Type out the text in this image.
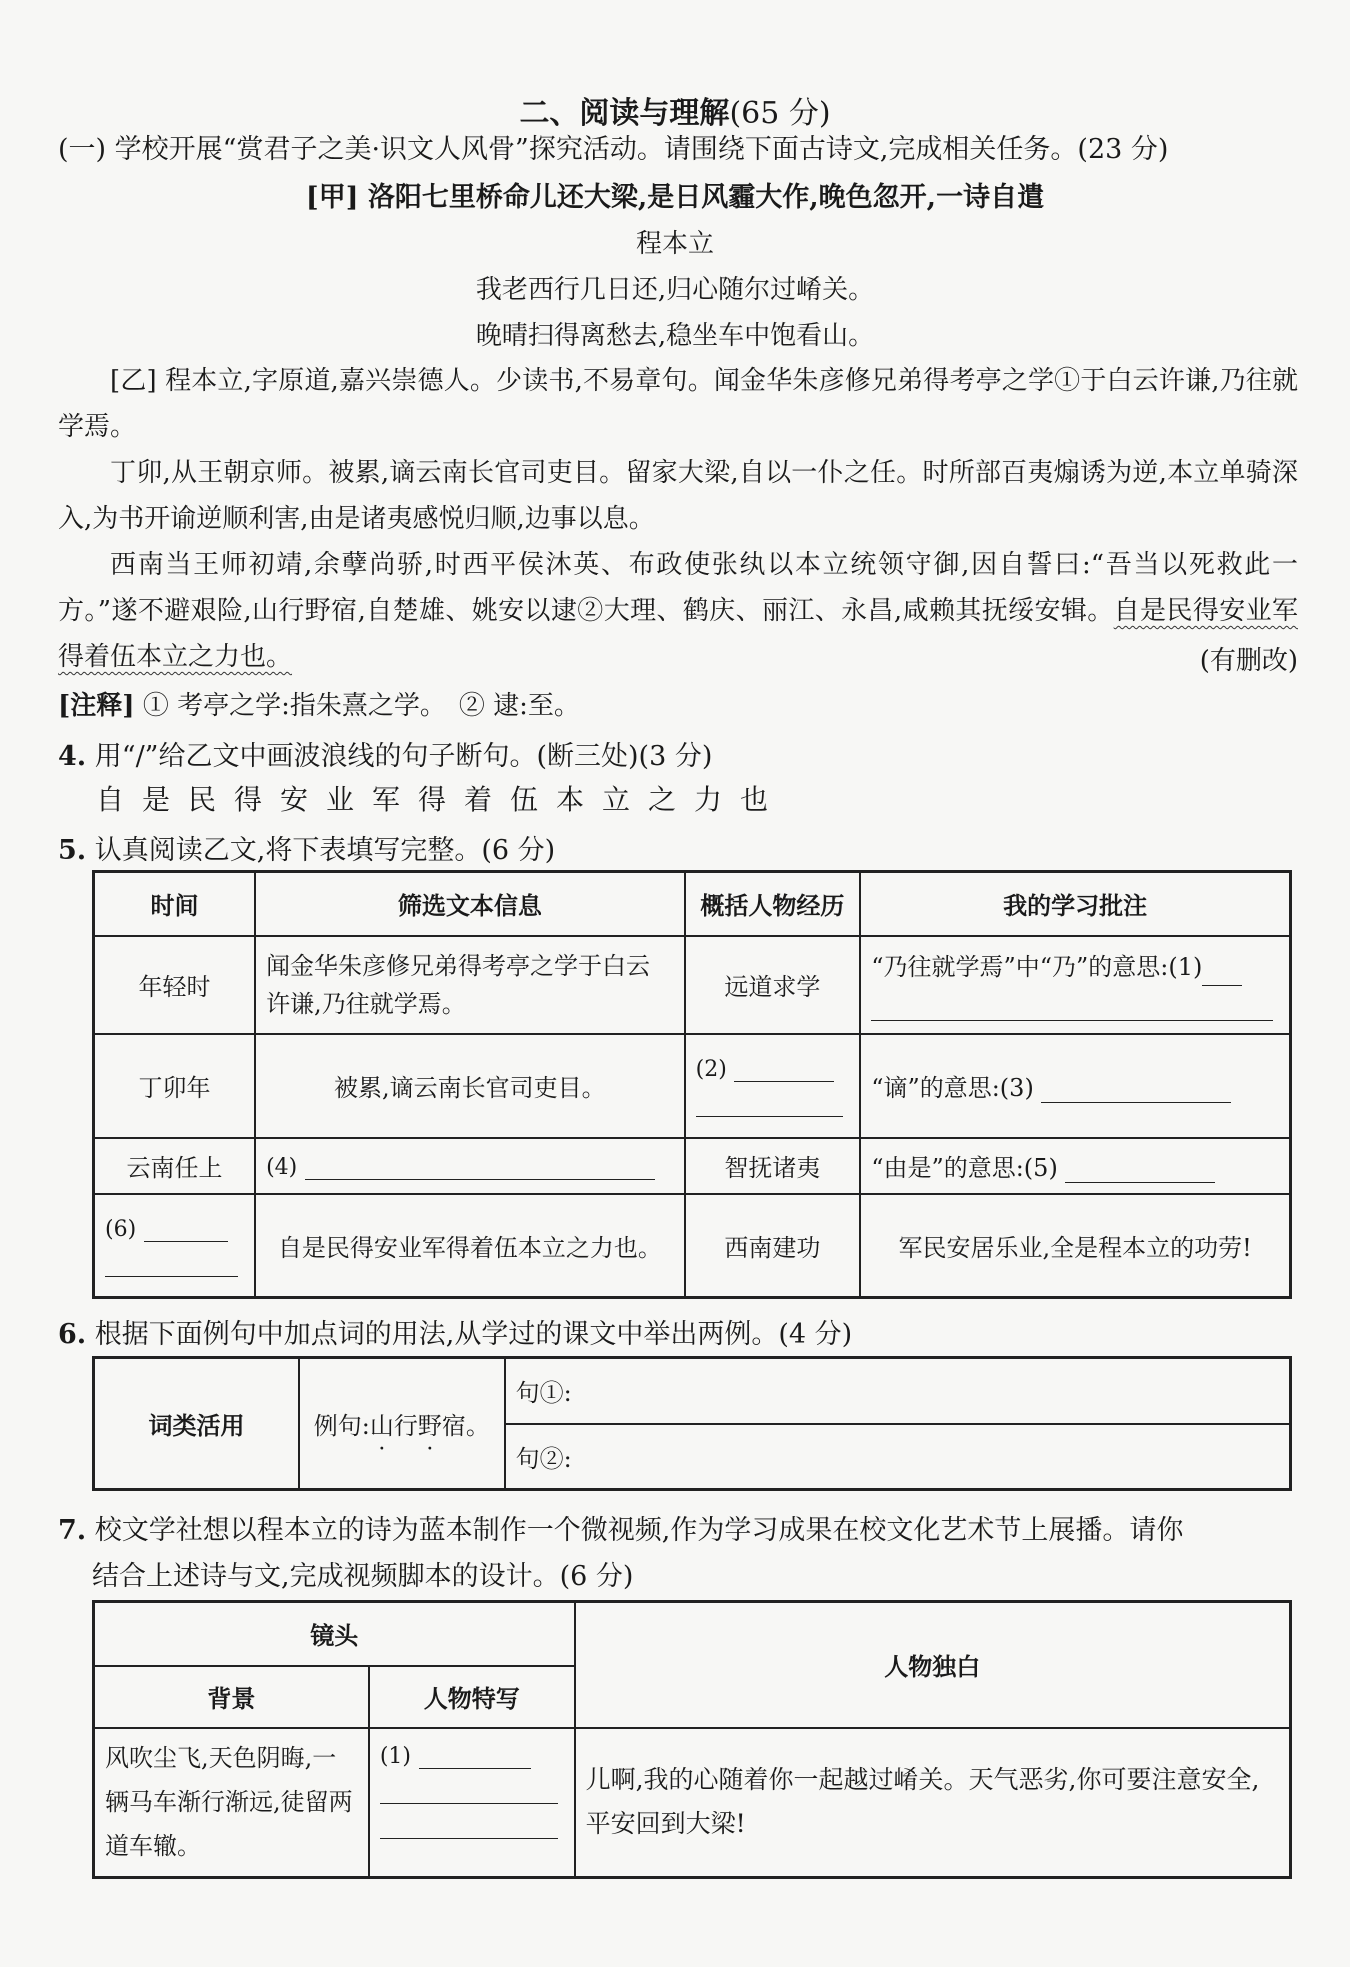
二、阅读与理解(65 分)
(一) 学校开展“赏君子之美·识文人风骨”探究活动。请围绕下面古诗文,完成相关任务。(23 分)
[甲] 洛阳七里桥命儿还大梁,是日风霾大作,晚色忽开,一诗自遣
程本立
我老西行几日还,归心随尔过崤关。
晚晴扫得离愁去,稳坐车中饱看山。
[乙] 程本立,字原道,嘉兴崇德人。少读书,不易章句。闻金华朱彦修兄弟得考亭之学①于白云许谦,乃往就学焉。
丁卯,从王朝京师。被累,谪云南长官司吏目。留家大梁,自以一仆之任。时所部百夷煽诱为逆,本立单骑深入,为书开谕逆顺利害,由是诸夷感悦归顺,边事以息。
西南当王师初靖,余孽尚骄,时西平侯沐英、布政使张纨以本立统领守御,因自誓曰:“吾当以死救此一方。”遂不避艰险,山行野宿,自楚雄、姚安以逮②大理、鹤庆、丽江、永昌,咸赖其抚绥安辑。自是民得安业军得着伍本立之力也。	(有删改)
[注释] ① 考亭之学:指朱熹之学。　② 逮:至。
4. 用“/”给乙文中画波浪线的句子断句。(断三处)(3 分)
自是民得安业军得着伍本立之力也
5. 认真阅读乙文,将下表填写完整。(6 分)
时间	筛选文本信息	概括人物经历	我的学习批注
年轻时	闻金华朱彦修兄弟得考亭之学于白云许谦,乃往就学焉。	远道求学	“乃往就学焉”中“乃”的意思:(1)

丁卯年	被累,谪云南长官司吏目。	(2)	“谪”的意思:(3)
云南任上	(4)	智抚诸夷	“由是”的意思:(5)
(6)	自是民得安业军得着伍本立之力也。	西南建功	军民安居乐业,全是程本立的功劳!
6. 根据下面例句中加点词的用法,从学过的课文中举出两例。(4 分)
词类活用	例句:山行野宿。	句①:
句②:
7. 校文学社想以程本立的诗为蓝本制作一个微视频,作为学习成果在校文化艺术节上展播。请你
结合上述诗与文,完成视频脚本的设计。(6 分)
镜头		人物独白
背景	人物特写	
风吹尘飞,天色阴晦,一辆马车渐行渐远,徒留两道车辙。	(1)	儿啊,我的心随着你一起越过崤关。天气恶劣,你可要注意安全,平安回到大梁!
